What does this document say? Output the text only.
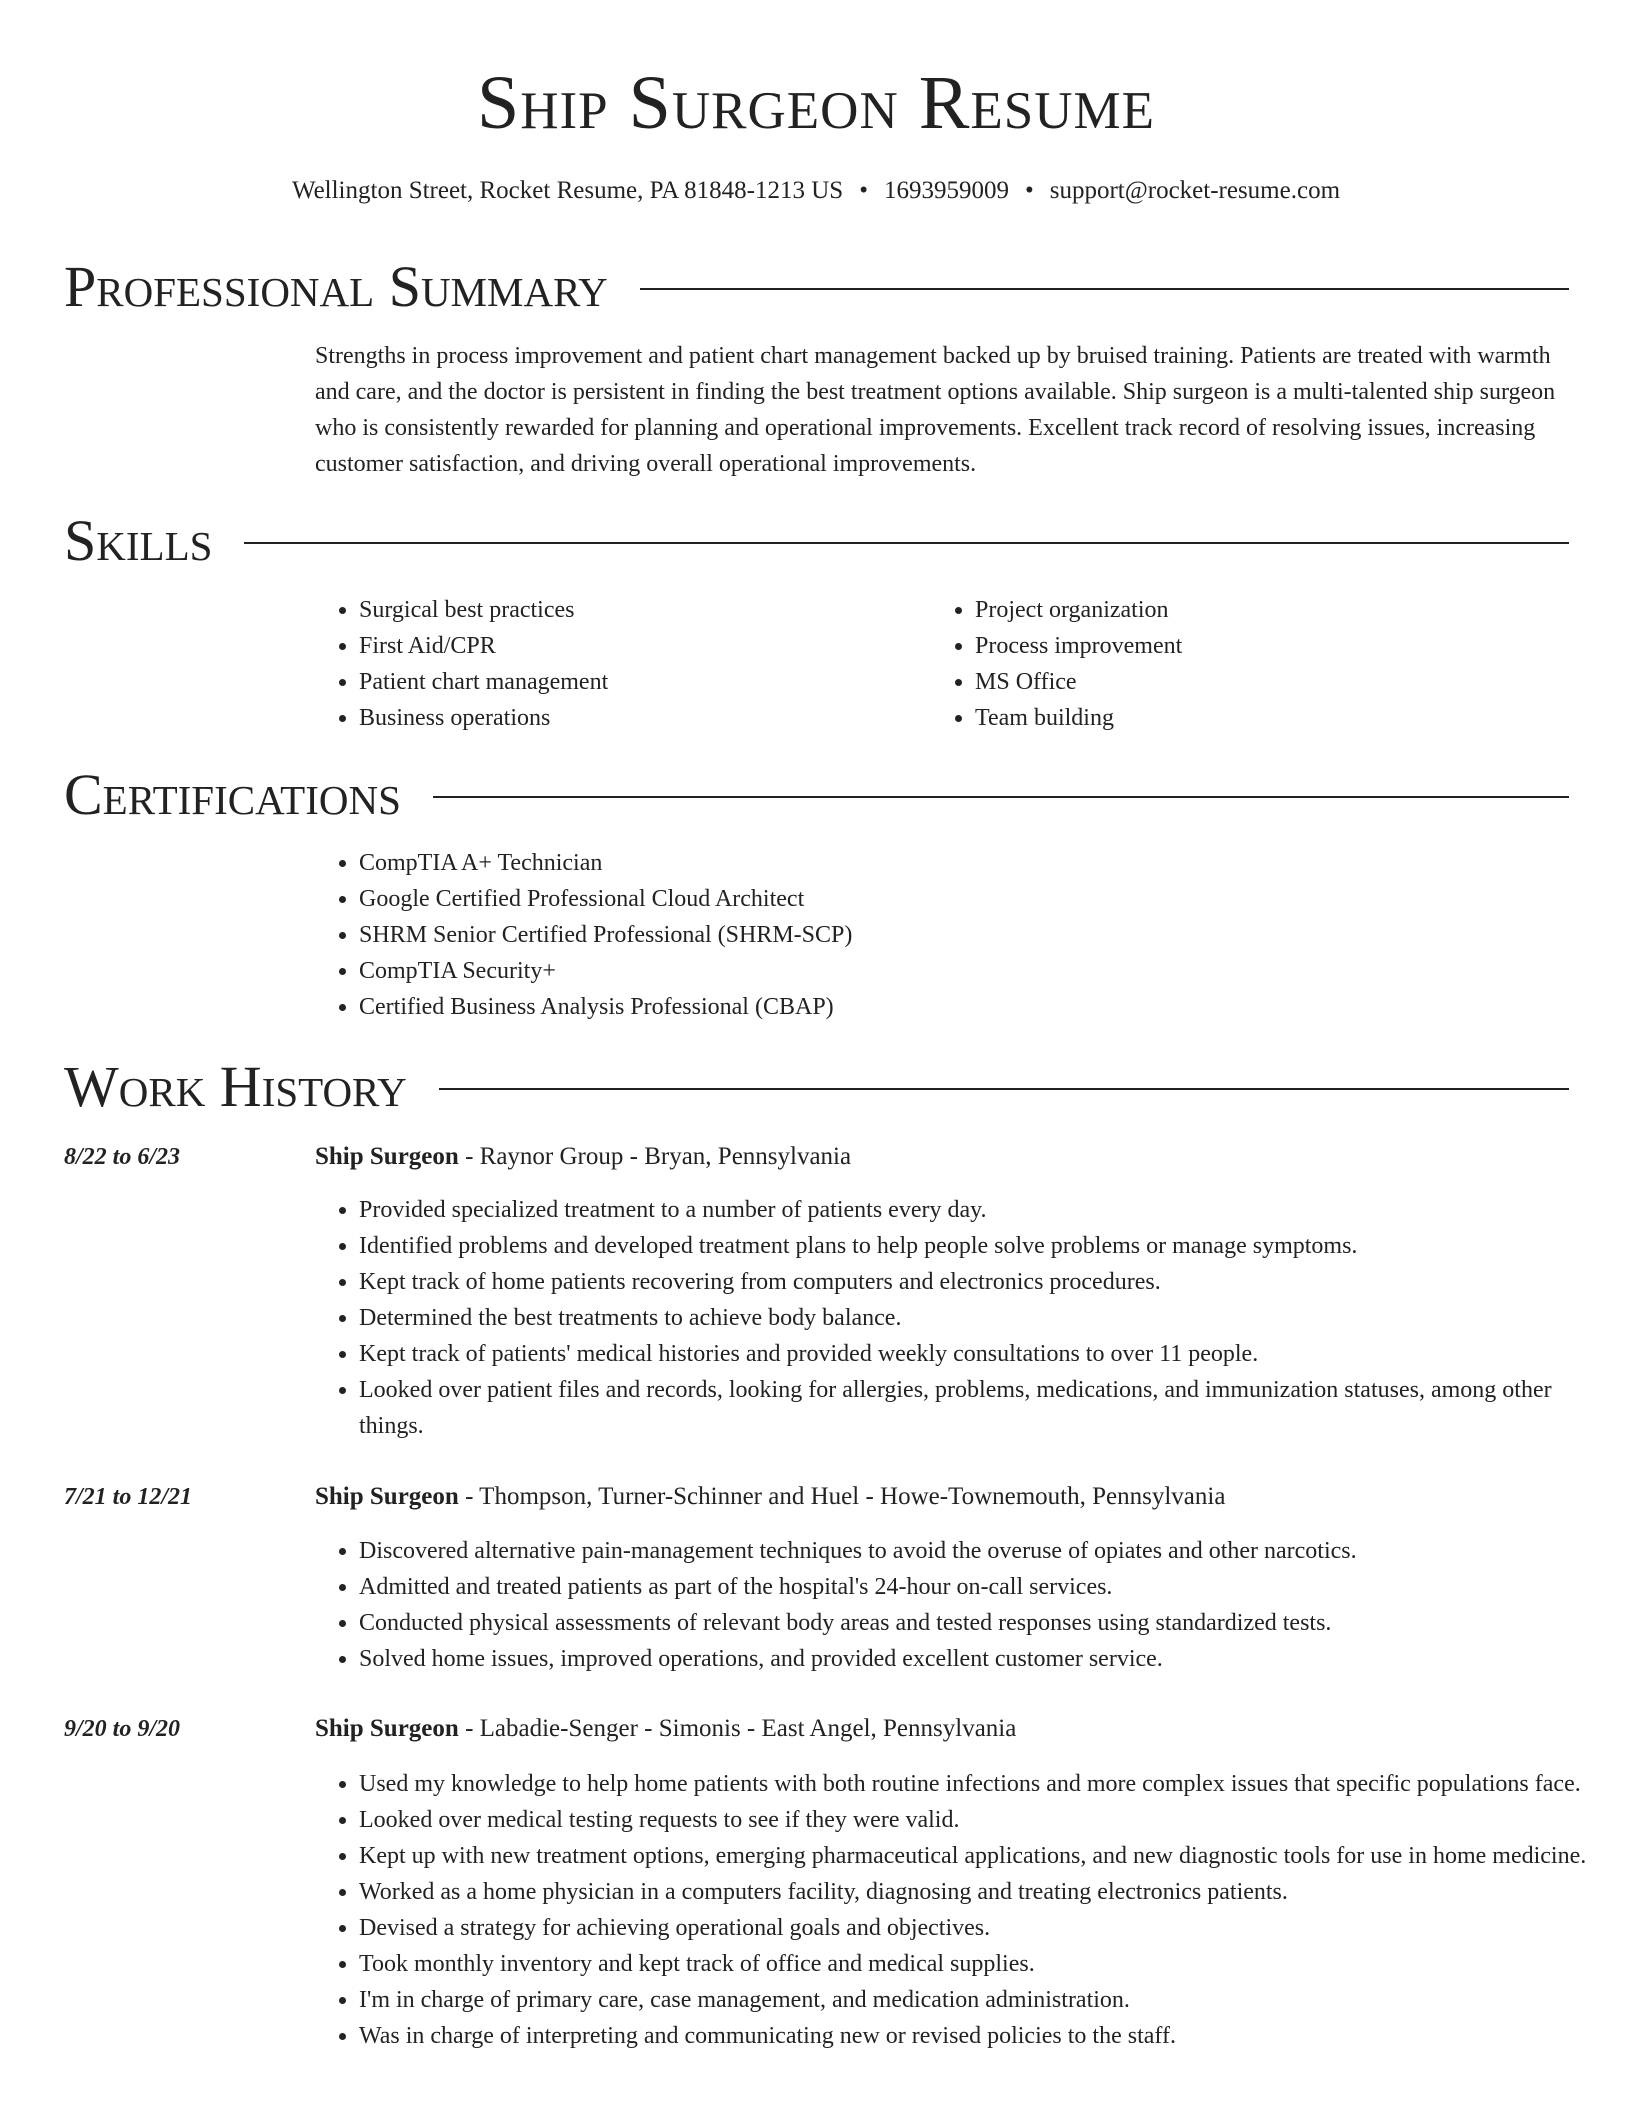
Ship Surgeon Resume
Wellington Street, Rocket Resume, PA 81848-1213 US • 1693959009 • support@rocket-resume.com
Professional Summary

Strengths in process improvement and patient chart management backed up by bruised training. Patients are treated with warmth and care, and the doctor is persistent in finding the best treatment options available. Ship surgeon is a multi-talented ship surgeon who is consistently rewarded for planning and operational improvements. Excellent track record of resolving issues, increasing customer satisfaction, and driving overall operational improvements.

Skills
• Surgical best practices
• First Aid/CPR
• Patient chart management
• Business operations
• Project organization
• Process improvement
• MS Office
• Team building
Certifications
• CompTIA A+ Technician
• Google Certified Professional Cloud Architect
• SHRM Senior Certified Professional (SHRM-SCP)
• CompTIA Security+
• Certified Business Analysis Professional (CBAP)
Work History
8/22 to 6/23	Ship Surgeon - Raynor Group - Bryan, Pennsylvania
• Provided specialized treatment to a number of patients every day.
• Identified problems and developed treatment plans to help people solve problems or manage symptoms.
• Kept track of home patients recovering from computers and electronics procedures.
• Determined the best treatments to achieve body balance.
• Kept track of patients' medical histories and provided weekly consultations to over 11 people.
• Looked over patient files and records, looking for allergies, problems, medications, and immunization statuses, among other things.
7/21 to 12/21	Ship Surgeon - Thompson, Turner-Schinner and Huel - Howe-Townemouth, Pennsylvania
• Discovered alternative pain-management techniques to avoid the overuse of opiates and other narcotics.
• Admitted and treated patients as part of the hospital's 24-hour on-call services.
• Conducted physical assessments of relevant body areas and tested responses using standardized tests.
• Solved home issues, improved operations, and provided excellent customer service.
9/20 to 9/20	Ship Surgeon - Labadie-Senger - Simonis - East Angel, Pennsylvania
• Used my knowledge to help home patients with both routine infections and more complex issues that specific populations face.
• Looked over medical testing requests to see if they were valid.
• Kept up with new treatment options, emerging pharmaceutical applications, and new diagnostic tools for use in home medicine.
• Worked as a home physician in a computers facility, diagnosing and treating electronics patients.
• Devised a strategy for achieving operational goals and objectives.
• Took monthly inventory and kept track of office and medical supplies.
• I'm in charge of primary care, case management, and medication administration.
• Was in charge of interpreting and communicating new or revised policies to the staff.
